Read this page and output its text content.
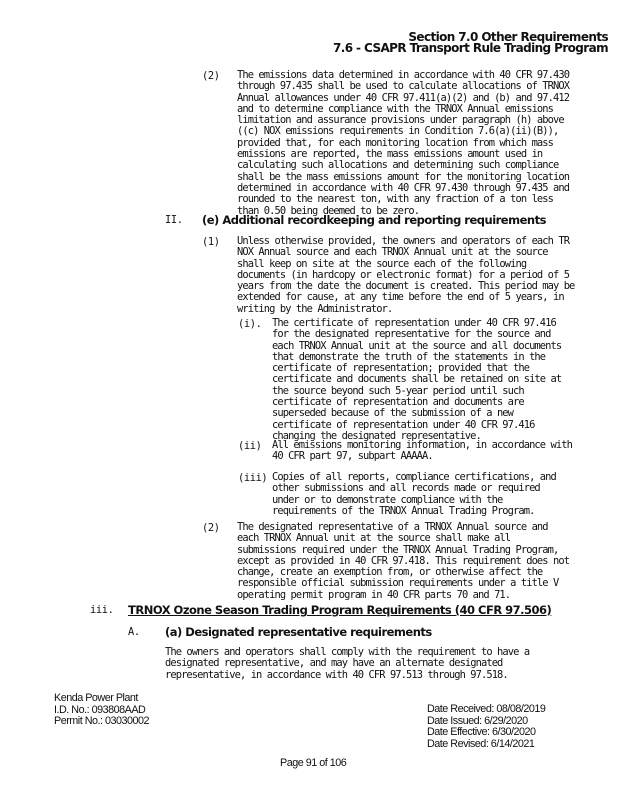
Section 7.0 Other Requirements
7.6 - CSAPR Transport Rule Trading Program
(2) The emissions data determined in accordance with 40 CFR 97.430
through 97.435 shall be used to calculate allocations of TRNOX
Annual allowances under 40 CFR 97.411(a)(2) and (b) and 97.412
and to determine compliance with the TRNOX Annual emissions
limitation and assurance provisions under paragraph (h) above
((c) NOX emissions requirements in Condition 7.6(a)(ii)(B)),
provided that, for each monitoring location from which mass
emissions are reported, the mass emissions amount used in
calculating such allocations and determining such compliance
shall be the mass emissions amount for the monitoring location
determined in accordance with 40 CFR 97.430 through 97.435 and
rounded to the nearest ton, with any fraction of a ton less
than 0.50 being deemed to be zero.
II. (e) Additional recordkeeping and reporting requirements
(1) Unless otherwise provided, the owners and operators of each TR
NOX Annual source and each TRNOX Annual unit at the source
shall keep on site at the source each of the following
documents (in hardcopy or electronic format) for a period of 5
years from the date the document is created. This period may be
extended for cause, at any time before the end of 5 years, in
writing by the Administrator.
(i). The certificate of representation under 40 CFR 97.416
for the designated representative for the source and
each TRNOX Annual unit at the source and all documents
that demonstrate the truth of the statements in the
certificate of representation; provided that the
certificate and documents shall be retained on site at
the source beyond such 5-year period until such
certificate of representation and documents are
superseded because of the submission of a new
certificate of representation under 40 CFR 97.416
changing the designated representative.
(ii) All emissions monitoring information, in accordance with
40 CFR part 97, subpart AAAAA.
(iii) Copies of all reports, compliance certifications, and
other submissions and all records made or required
under or to demonstrate compliance with the
requirements of the TRNOX Annual Trading Program.
(2) The designated representative of a TRNOX Annual source and
each TRNOX Annual unit at the source shall make all
submissions required under the TRNOX Annual Trading Program,
except as provided in 40 CFR 97.418. This requirement does not
change, create an exemption from, or otherwise affect the
responsible official submission requirements under a title V
operating permit program in 40 CFR parts 70 and 71.
iii. TRNOX Ozone Season Trading Program Requirements (40 CFR 97.506)
A. (a) Designated representative requirements
The owners and operators shall comply with the requirement to have a
designated representative, and may have an alternate designated
representative, in accordance with 40 CFR 97.513 through 97.518.
Kenda Power Plant
I.D. No.: 093808AAD
Permit No.: 03030002
Date Received: 08/08/2019
Date Issued: 6/29/2020
Date Effective: 6/30/2020
Date Revised: 6/14/2021
Page 91 of 106
